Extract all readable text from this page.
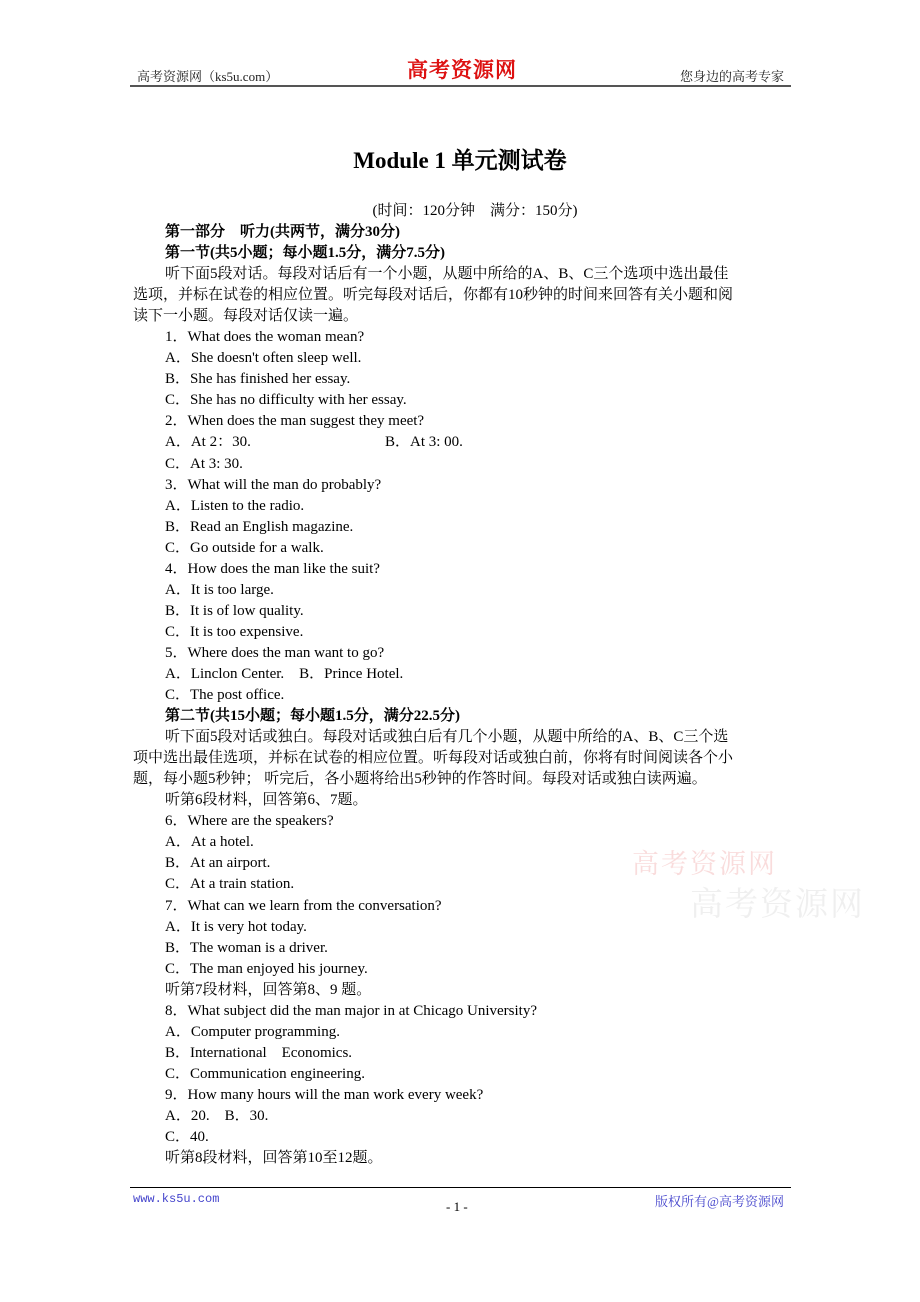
高考资源网（ks5u.com）	高考资源网	您身边的高考专家
Module 1 单元测试卷
(时间：120分钟　满分：150分)
第一部分　听力(共两节，满分30分)
第一节(共5小题；每小题1.5分，满分7.5分)
听下面5段对话。每段对话后有一个小题，从题中所给的A、B、C三个选项中选出最佳
选项，并标在试卷的相应位置。听完每段对话后，你都有10秒钟的时间来回答有关小题和阅
读下一小题。每段对话仅读一遍。
1．What does the woman mean?
A．She doesn't often sleep well.
B．She has finished her essay.
C．She has no difficulty with her essay.
2．When does the man suggest they meet?
A．At 2：30.	B．At 3: 00.
C．At 3: 30.
3．What will the man do probably?
A．Listen to the radio.
B．Read an English magazine.
C．Go outside for a walk.
4．How does the man like the suit?
A．It is too large.
B．It is of low quality.
C．It is too expensive.
5．Where does the man want to go?
A．Linclon Center.　B．Prince Hotel.
C．The post office.
第二节(共15小题；每小题1.5分，满分22.5分)
听下面5段对话或独白。每段对话或独白后有几个小题，从题中所给的A、B、C三个选
项中选出最佳选项，并标在试卷的相应位置。听每段对话或独白前，你将有时间阅读各个小
题，每小题5秒钟； 听完后，各小题将给出5秒钟的作答时间。每段对话或独白读两遍。
听第6段材料，回答第6、7题。
6．Where are the speakers?
A．At a hotel.
B．At an airport.
C．At a train station.
7．What can we learn from the conversation?
A．It is very hot today.
B．The woman is a driver.
C．The man enjoyed his journey.
听第7段材料，回答第8、9 题。
8．What subject did the man major in at Chicago University?
A．Computer programming.
B．International　Economics.
C．Communication engineering.
9．How many hours will the man work every week?
A．20.　B．30.
C．40.
听第8段材料，回答第10至12题。
高考资源网
高考资源网
www.ks5u.com	- 1 -	版权所有@高考资源网
